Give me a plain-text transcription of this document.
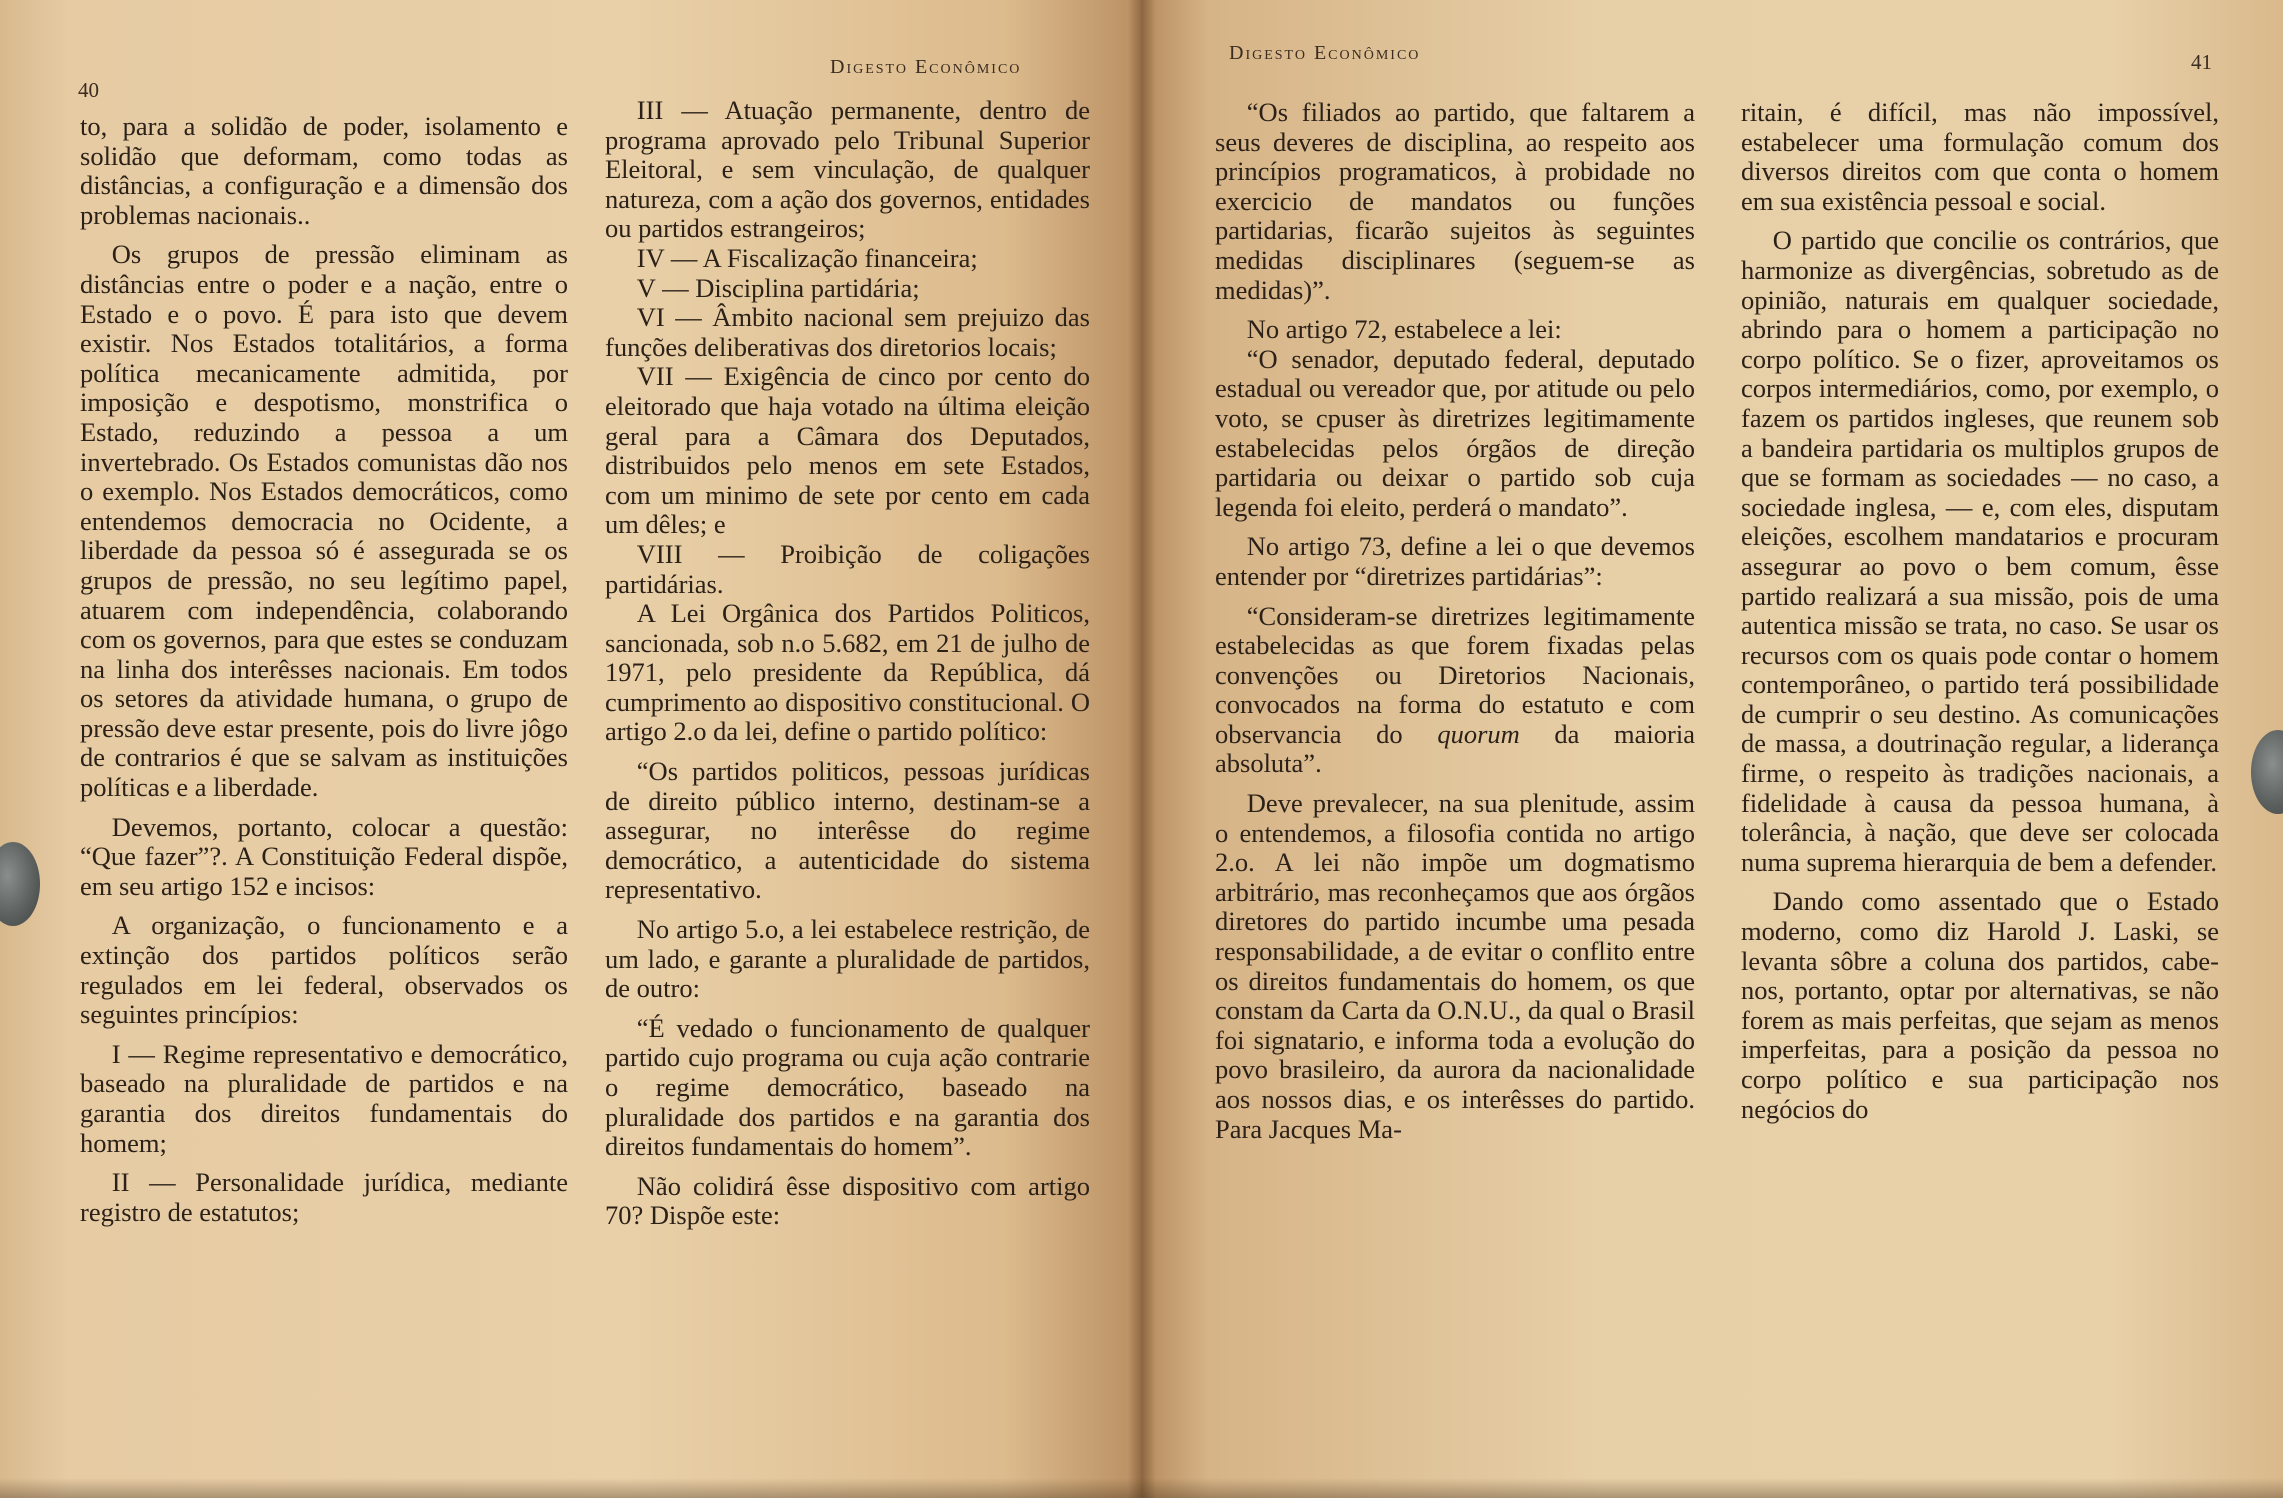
40
Digesto Econômico

to, para a solidão de poder, isolamento e solidão que deformam, como todas as distâncias, a configuração e a dimensão dos problemas nacionais..

Os grupos de pressão eliminam as distâncias entre o poder e a nação, entre o Estado e o povo. É para isto que devem existir. Nos Estados totalitários, a forma política mecanicamente admitida, por imposição e despotismo, monstrifica o Estado, reduzindo a pessoa a um invertebrado. Os Estados comunistas dão nos o exemplo. Nos Estados democráticos, como entendemos democracia no Ocidente, a liberdade da pessoa só é assegurada se os grupos de pressão, no seu legítimo papel, atuarem com independência, colaborando com os governos, para que estes se conduzam na linha dos interêsses nacionais. Em todos os setores da atividade humana, o grupo de pressão deve estar presente, pois do livre jôgo de contrarios é que se salvam as instituições políticas e a liberdade.

Devemos, portanto, colocar a questão: “Que fazer”?. A Constituição Federal dispõe, em seu artigo 152 e incisos:

A organização, o funcionamento e a extinção dos partidos políticos serão regulados em lei federal, observados os seguintes princípios:

I — Regime representativo e democrático, baseado na pluralidade de partidos e na garantia dos direitos fundamentais do homem;

II — Personalidade jurídica, mediante registro de estatutos;

III — Atuação permanente, dentro de programa aprovado pelo Tribunal Superior Eleitoral, e sem vinculação, de qualquer natureza, com a ação dos governos, entidades ou partidos estrangeiros;

IV — A Fiscalização financeira;

V — Disciplina partidária;

VI — Âmbito nacional sem prejuizo das funções deliberativas dos diretorios locais;

VII — Exigência de cinco por cento do eleitorado que haja votado na última eleição geral para a Câmara dos Deputados, distribuidos pelo menos em sete Estados, com um minimo de sete por cento em cada um dêles; e

VIII — Proibição de coligações partidárias.

A Lei Orgânica dos Partidos Politicos, sancionada, sob n.o 5.682, em 21 de julho de 1971, pelo presidente da República, dá cumprimento ao dispositivo constitucional. O artigo 2.o da lei, define o partido político:

“Os partidos politicos, pessoas jurídicas de direito público interno, destinam-se a assegurar, no interêsse do regime democrático, a autenticidade do sistema representativo.

No artigo 5.o, a lei estabelece restrição, de um lado, e garante a pluralidade de partidos, de outro:

“É vedado o funcionamento de qualquer partido cujo programa ou cuja ação contrarie o regime democrático, baseado na pluralidade dos partidos e na garantia dos direitos fundamentais do homem”.

Não colidirá êsse dispositivo com artigo 70? Dispõe este:

Digesto Econômico	41

“Os filiados ao partido, que faltarem a seus deveres de disciplina, ao respeito aos princípios programaticos, à probidade no exercicio de mandatos ou funções partidarias, ficarão sujeitos às seguintes medidas disciplinares (seguem-se as medidas)”.

No artigo 72, estabelece a lei:

“O senador, deputado federal, deputado estadual ou vereador que, por atitude ou pelo voto, se cpuser às diretrizes legitimamente estabelecidas pelos órgãos de direção partidaria ou deixar o partido sob cuja legenda foi eleito, perderá o mandato”.

No artigo 73, define a lei o que devemos entender por “diretrizes partidárias”:

“Consideram-se diretrizes legitimamente estabelecidas as que forem fixadas pelas convenções ou Diretorios Nacionais, convocados na forma do estatuto e com observancia do quorum da maioria absoluta”.

Deve prevalecer, na sua plenitude, assim o entendemos, a filosofia contida no artigo 2.o. A lei não impõe um dogmatismo arbitrário, mas reconheçamos que aos órgãos diretores do partido incumbe uma pesada responsabilidade, a de evitar o conflito entre os direitos fundamentais do homem, os que constam da Carta da O.N.U., da qual o Brasil foi signatario, e informa toda a evolução do povo brasileiro, da aurora da nacionalidade aos nossos dias, e os interêsses do partido. Para Jacques Ma-

ritain, é difícil, mas não impossível, estabelecer uma formulação comum dos diversos direitos com que conta o homem em sua existência pessoal e social.

O partido que concilie os contrários, que harmonize as divergências, sobretudo as de opinião, naturais em qualquer sociedade, abrindo para o homem a participação no corpo político. Se o fizer, aproveitamos os corpos intermediários, como, por exemplo, o fazem os partidos ingleses, que reunem sob a bandeira partidaria os multiplos grupos de que se formam as sociedades — no caso, a sociedade inglesa, — e, com eles, disputam eleições, escolhem mandatarios e procuram assegurar ao povo o bem comum, êsse partido realizará a sua missão, pois de uma autentica missão se trata, no caso. Se usar os recursos com os quais pode contar o homem contemporâneo, o partido terá possibilidade de cumprir o seu destino. As comunicações de massa, a doutrinação regular, a liderança firme, o respeito às tradições nacionais, a fidelidade à causa da pessoa humana, à tolerância, à nação, que deve ser colocada numa suprema hierarquia de bem a defender.

Dando como assentado que o Estado moderno, como diz Harold J. Laski, se levanta sôbre a coluna dos partidos, cabe-nos, portanto, optar por alternativas, se não forem as mais perfeitas, que sejam as menos imperfeitas, para a posição da pessoa no corpo político e sua participação nos negócios do
